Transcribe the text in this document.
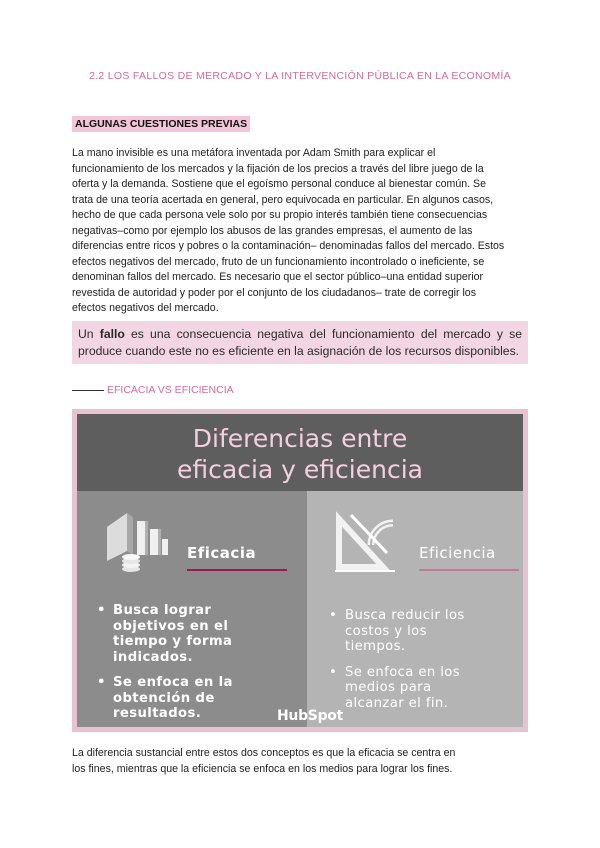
2.2 LOS FALLOS DE MERCADO Y LA INTERVENCIÓN PÚBLICA EN LA ECONOMÍA
ALGUNAS CUESTIONES PREVIAS

La mano invisible es una metáfora inventada por Adam Smith para explicar el

funcionamiento de los mercados y la fijación de los precios a través del libre juego de la

oferta y la demanda. Sostiene que el egoísmo personal conduce al bienestar común. Se

trata de una teoría acertada en general, pero equivocada en particular. En algunos casos,

hecho de que cada persona vele solo por su propio interés también tiene consecuencias

negativas–como por ejemplo los abusos de las grandes empresas, el aumento de las

diferencias entre ricos y pobres o la contaminación– denominadas fallos del mercado. Estos

efectos negativos del mercado, fruto de un funcionamiento incontrolado o ineficiente, se

denominan fallos del mercado. Es necesario que el sector público–una entidad superior

revestida de autoridad y poder por el conjunto de los ciudadanos– trate de corregir los

efectos negativos del mercado.

Un fallo es una consecuencia negativa del funcionamiento del mercado y se produce cuando este no es eficiente en la asignación de los recursos disponibles.
EFICACIA VS EFICIENCIA
Diferencias entre
eficacia y eficiencia
Eficacia
• Busca lograr
objetivos en el
tiempo y forma
indicados.
• Se enfoca en la
obtención de
resultados.
Eficiencia
• Busca reducir los
costos y los
tiempos.
• Se enfoca en los
medios para
alcanzar el fin.
HubSpot

La diferencia sustancial entre estos dos conceptos es que la eficacia se centra en

los fines, mientras que la eficiencia se enfoca en los medios para lograr los fines.
